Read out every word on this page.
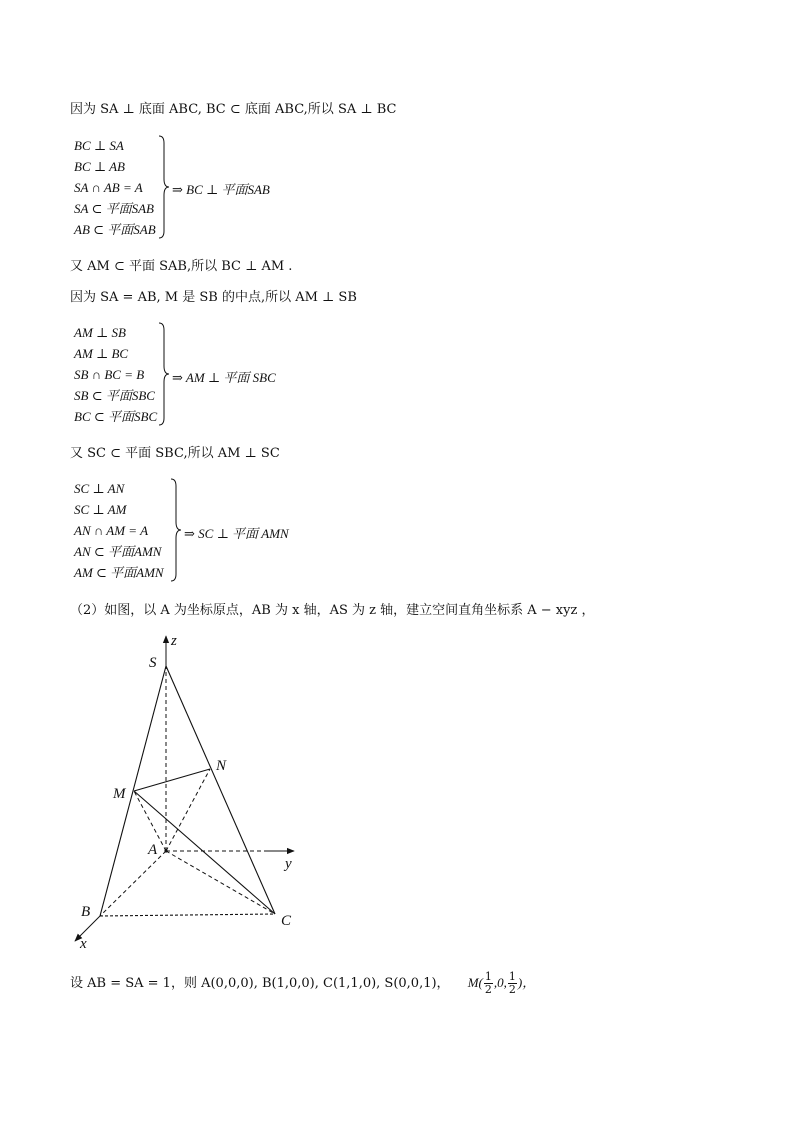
因为 SA ⊥ 底面 ABC, BC ⊂ 底面 ABC,所以 SA ⊥ BC
BC ⊥ SA
BC ⊥ AB
SA ∩ AB = A
SA ⊂ 平面SAB
AB ⊂ 平面SAB
⇒ BC ⊥ 平面SAB
又 AM ⊂ 平面 SAB,所以 BC ⊥ AM .
因为 SA = AB, M 是 SB 的中点,所以 AM ⊥ SB
AM ⊥ SB
AM ⊥ BC
SB ∩ BC = B
SB ⊂ 平面SBC
BC ⊂ 平面SBC
⇒ AM ⊥ 平面 SBC
又 SC ⊂ 平面 SBC,所以 AM ⊥ SC
SC ⊥ AN
SC ⊥ AM
AN ∩ AM = A
AN ⊂ 平面AMN
AM ⊂ 平面AMN
⇒ SC ⊥ 平面 AMN
（2）如图，以 A 为坐标原点，AB 为 x 轴，AS 为 z 轴，建立空间直角坐标系 A − xyz ，
S
z
N
M
A
y
B
C
x
设 AB = SA = 1，则 A(0,0,0), B(1,0,0), C(1,1,0), S(0,0,1)， $M( \frac{1}{2} ,0$, $\frac{1}{2}$ )，
